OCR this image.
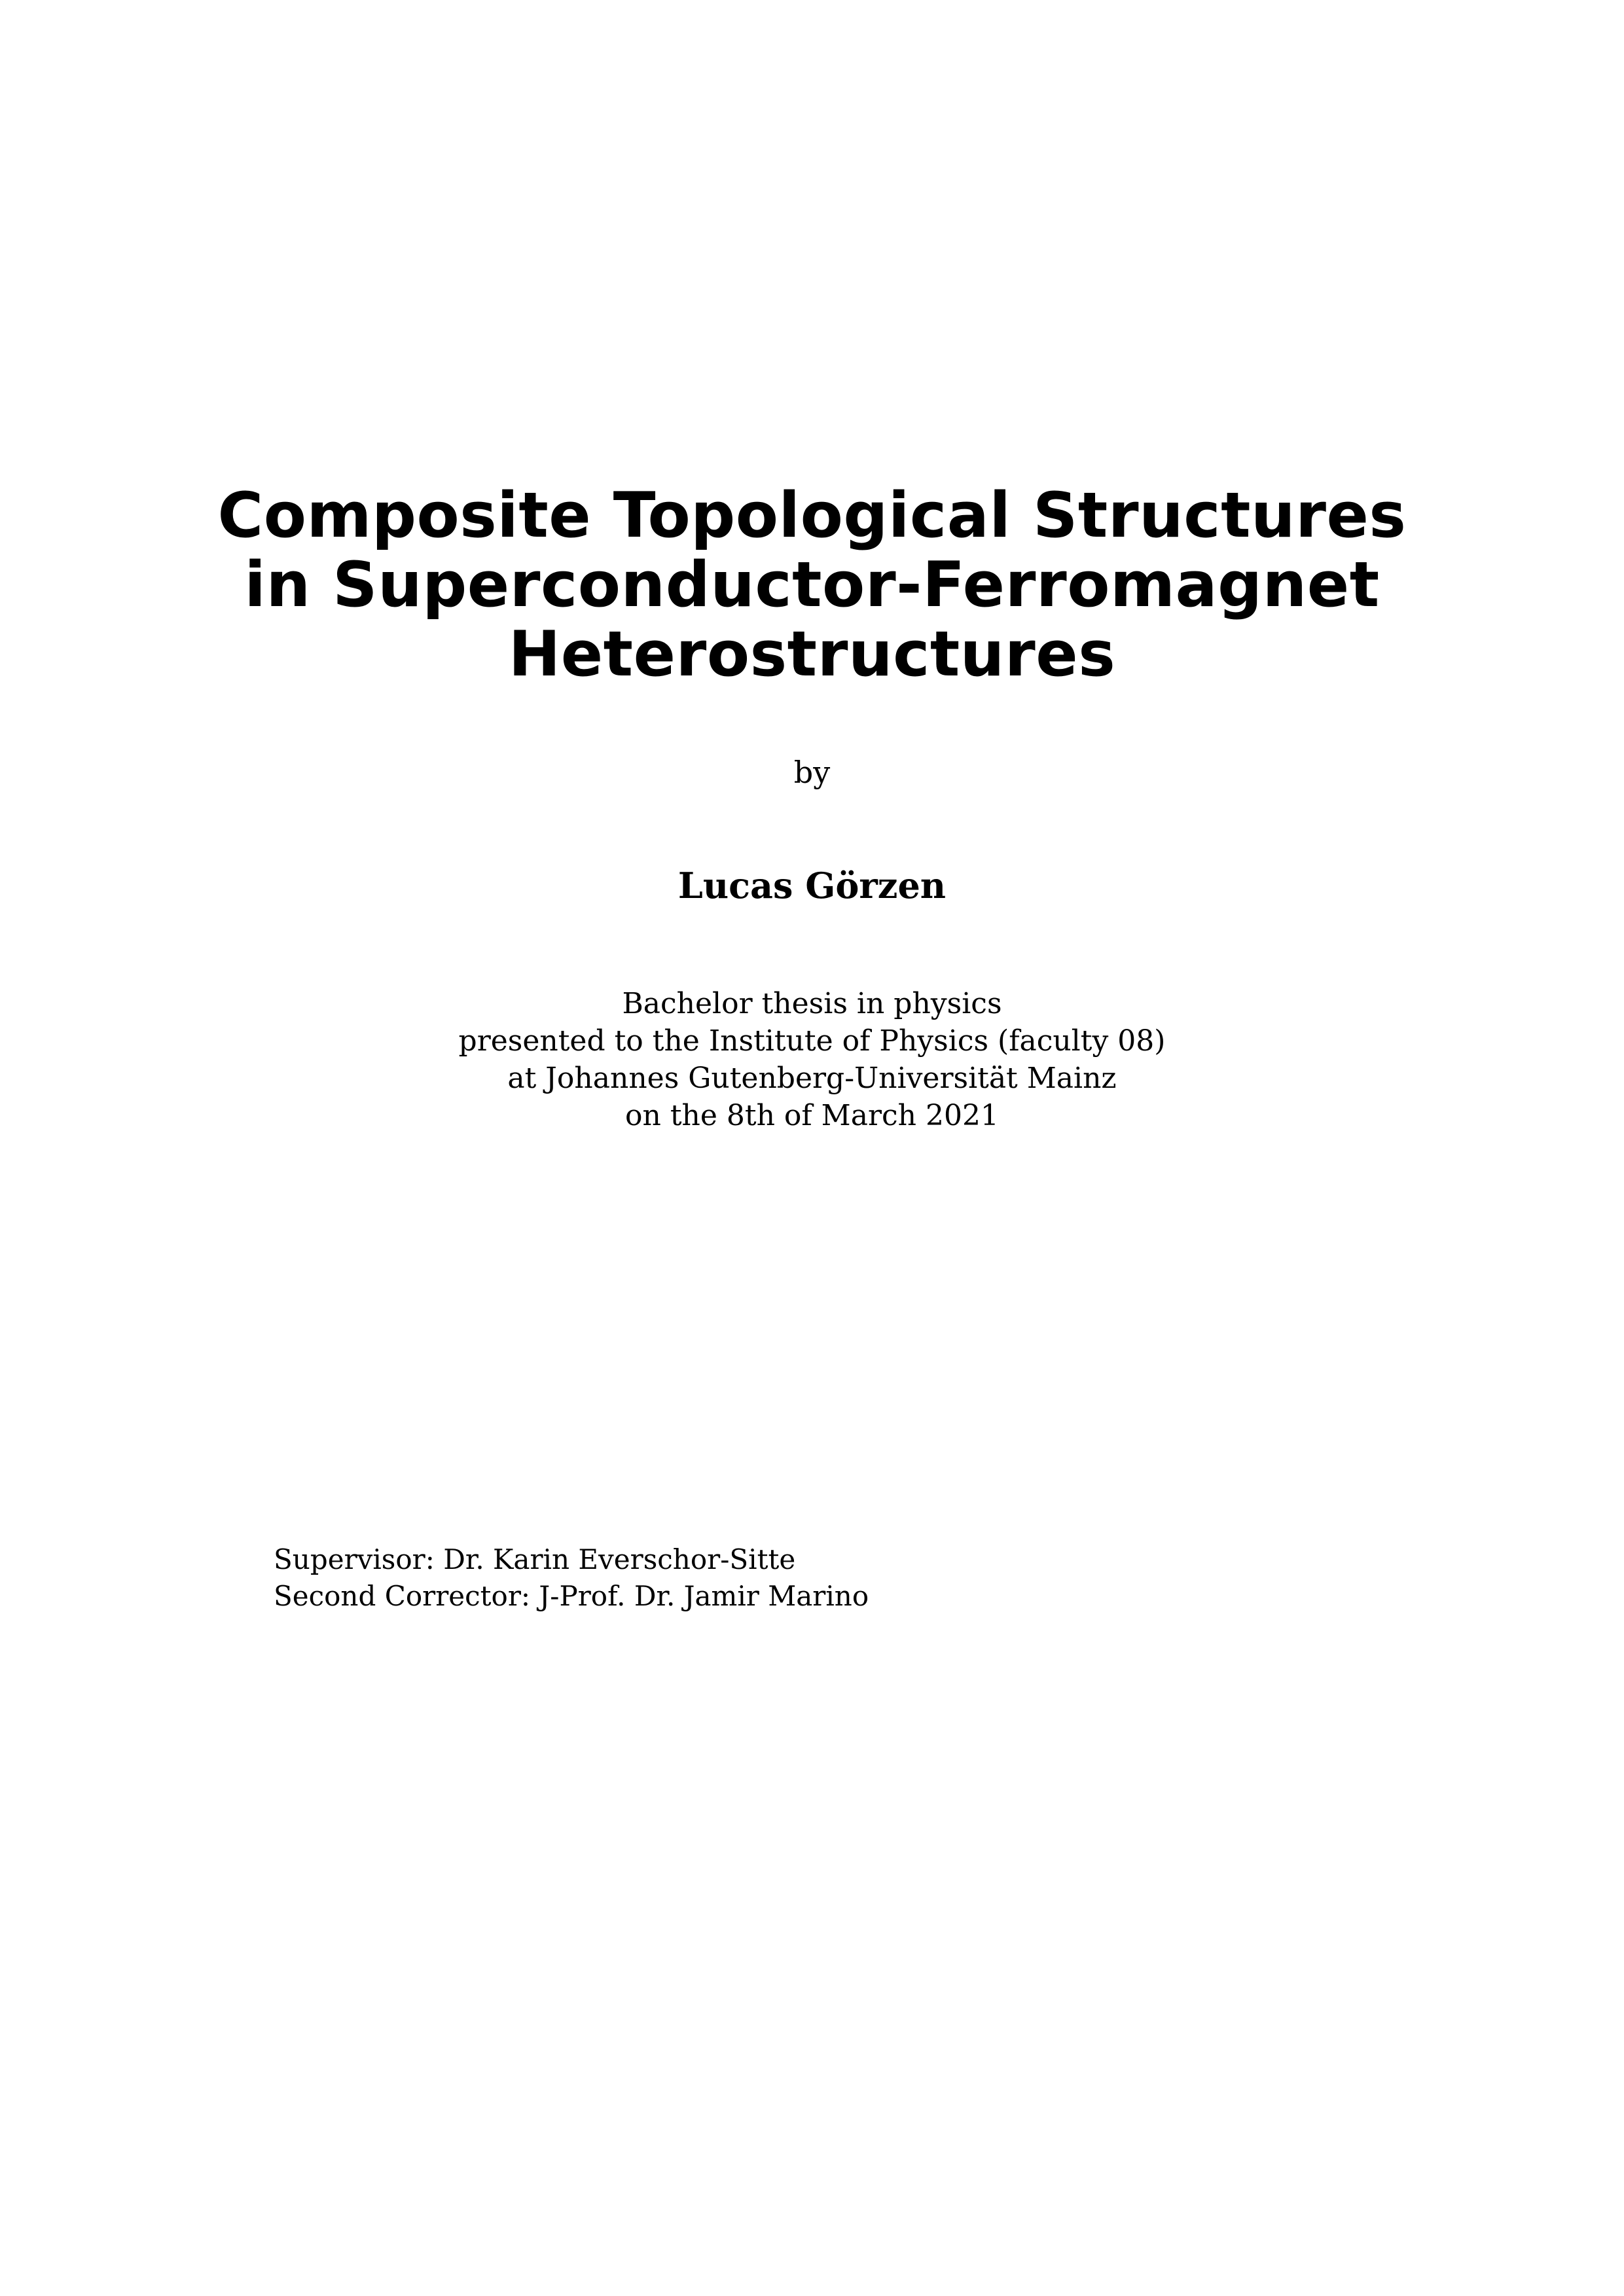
Composite Topological Structures
in Superconductor-Ferromagnet
Heterostructures
by
Lucas Görzen
Bachelor thesis in physics
presented to the Institute of Physics (faculty 08)
at Johannes Gutenberg-Universität Mainz
on the 8th of March 2021
Supervisor: Dr. Karin Everschor-Sitte
Second Corrector: J-Prof. Dr. Jamir Marino
